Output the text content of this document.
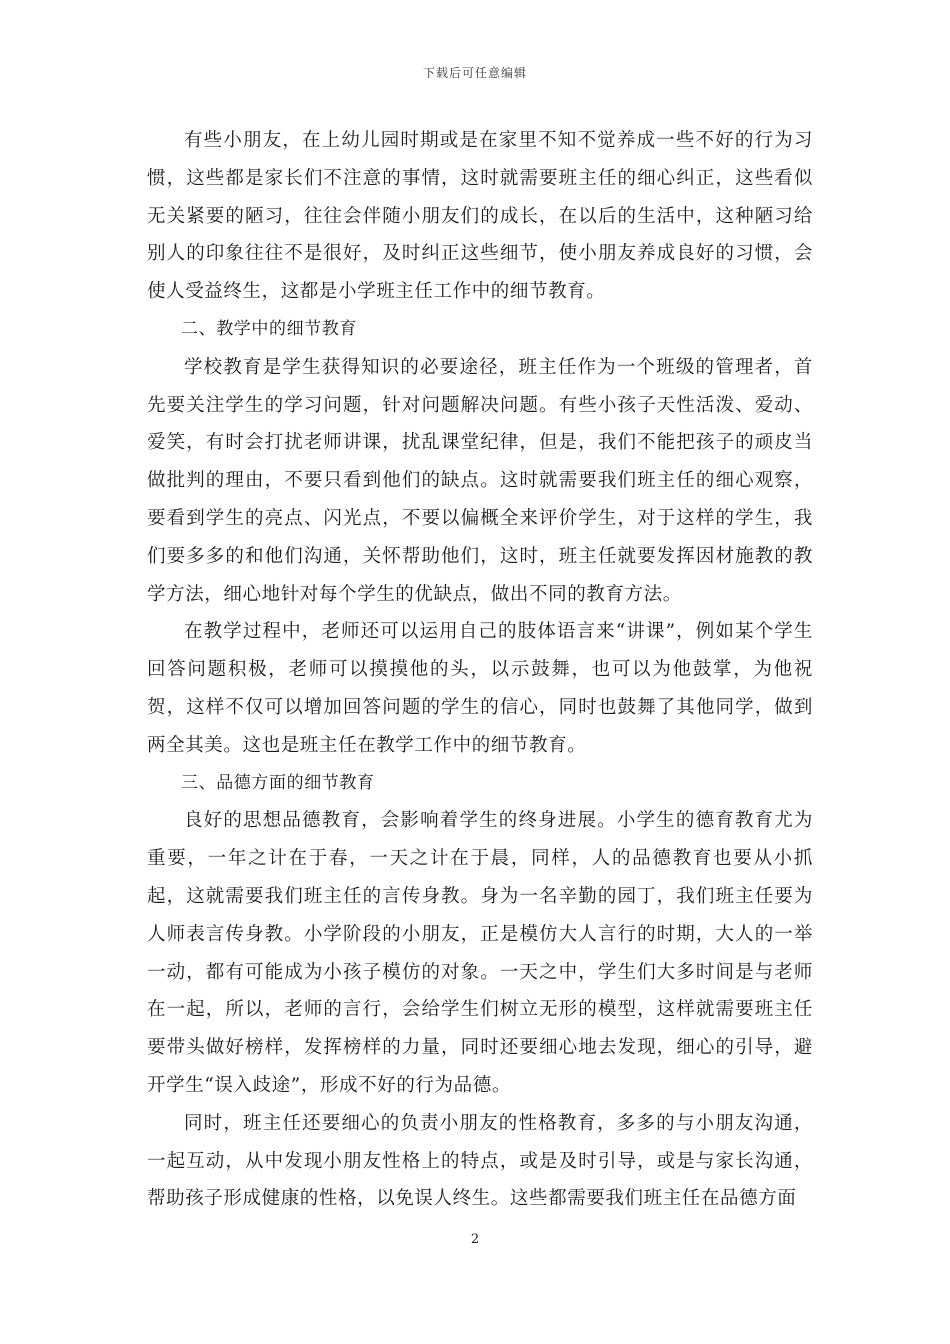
下载后可任意编辑

有些小朋友，在上幼儿园时期或是在家里不知不觉养成一些不好的行为习惯，这些都是家长们不注意的事情，这时就需要班主任的细心纠正，这些看似无关紧要的陋习，往往会伴随小朋友们的成长，在以后的生活中，这种陋习给别人的印象往往不是很好，及时纠正这些细节，使小朋友养成良好的习惯，会使人受益终生，这都是小学班主任工作中的细节教育。

二、教学中的细节教育

学校教育是学生获得知识的必要途径，班主任作为一个班级的管理者，首先要关注学生的学习问题，针对问题解决问题。有些小孩子天性活泼、爱动、爱笑，有时会打扰老师讲课，扰乱课堂纪律，但是，我们不能把孩子的顽皮当做批判的理由，不要只看到他们的缺点。这时就需要我们班主任的细心观察，要看到学生的亮点、闪光点，不要以偏概全来评价学生，对于这样的学生，我们要多多的和他们沟通，关怀帮助他们，这时，班主任就要发挥因材施教的教学方法，细心地针对每个学生的优缺点，做出不同的教育方法。

在教学过程中，老师还可以运用自己的肢体语言来“讲课”，例如某个学生回答问题积极，老师可以摸摸他的头，以示鼓舞，也可以为他鼓掌，为他祝贺，这样不仅可以增加回答问题的学生的信心，同时也鼓舞了其他同学，做到两全其美。这也是班主任在教学工作中的细节教育。

三、品德方面的细节教育

良好的思想品德教育，会影响着学生的终身进展。小学生的德育教育尤为重要，一年之计在于春，一天之计在于晨，同样，人的品德教育也要从小抓起，这就需要我们班主任的言传身教。身为一名辛勤的园丁，我们班主任要为人师表言传身教。小学阶段的小朋友，正是模仿大人言行的时期，大人的一举一动，都有可能成为小孩子模仿的对象。一天之中，学生们大多时间是与老师在一起，所以，老师的言行，会给学生们树立无形的模型，这样就需要班主任要带头做好榜样，发挥榜样的力量，同时还要细心地去发现，细心的引导，避开学生“误入歧途”，形成不好的行为品德。

同时，班主任还要细心的负责小朋友的性格教育，多多的与小朋友沟通，一起互动，从中发现小朋友性格上的特点，或是及时引导，或是与家长沟通，帮助孩子形成健康的性格，以免误人终生。这些都需要我们班主任在品德方面

2
